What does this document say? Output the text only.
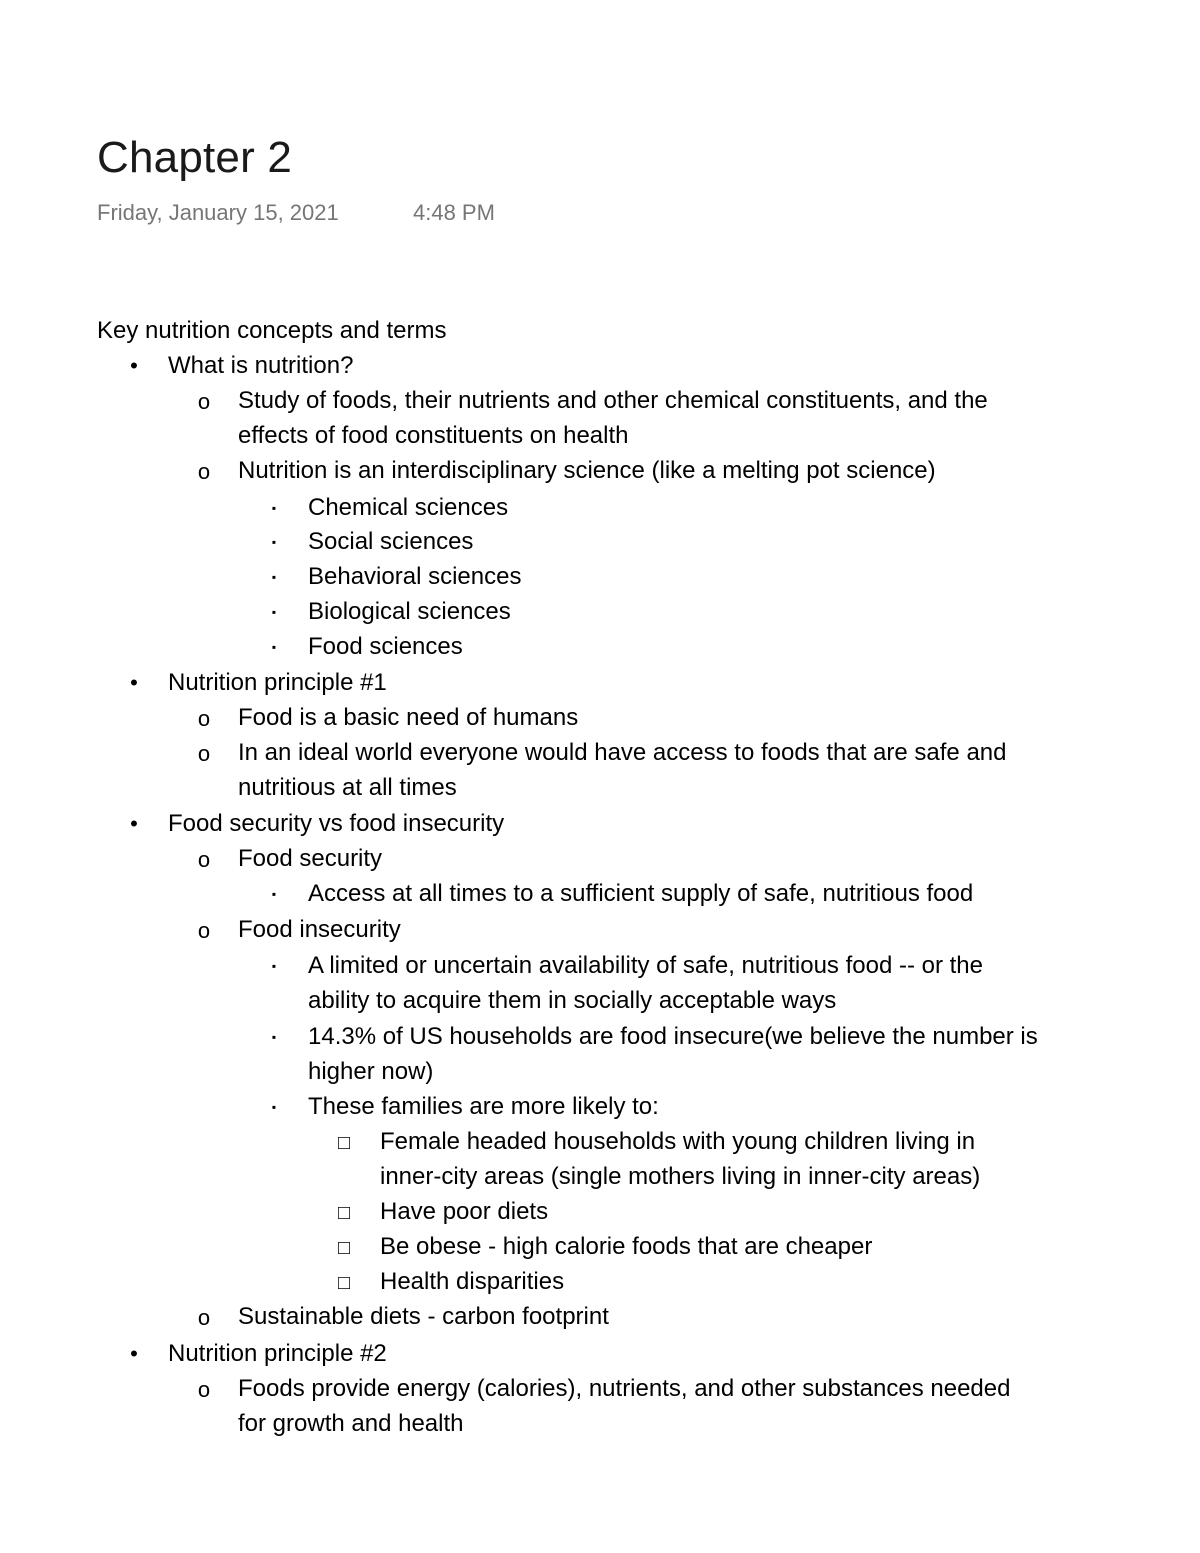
Chapter 2
Friday, January 15, 2021	4:48 PM
Key nutrition concepts and terms
•	What is nutrition?
o Study of foods, their nutrients and other chemical constituents, and the
effects of food constituents on health
o Nutrition is an interdisciplinary science (like a melting pot science)
▪	Chemical sciences
▪	Social sciences
▪	Behavioral sciences
▪	Biological sciences
▪	Food sciences
•	Nutrition principle #1
o Food is a basic need of humans
o In an ideal world everyone would have access to foods that are safe and
nutritious at all times
•	Food security vs food insecurity
o Food security
▪	Access at all times to a sufficient supply of safe, nutritious food
o Food insecurity
▪	A limited or uncertain availability of safe, nutritious food -- or the
ability to acquire them in socially acceptable ways
▪	14.3% of US households are food insecure(we believe the number is
higher now)
▪	These families are more likely to:
□ Female headed households with young children living in
inner-city areas (single mothers living in inner-city areas)
□ Have poor diets
□ Be obese - high calorie foods that are cheaper
□ Health disparities
o Sustainable diets - carbon footprint
•	Nutrition principle #2
o Foods provide energy (calories), nutrients, and other substances needed
for growth and health
